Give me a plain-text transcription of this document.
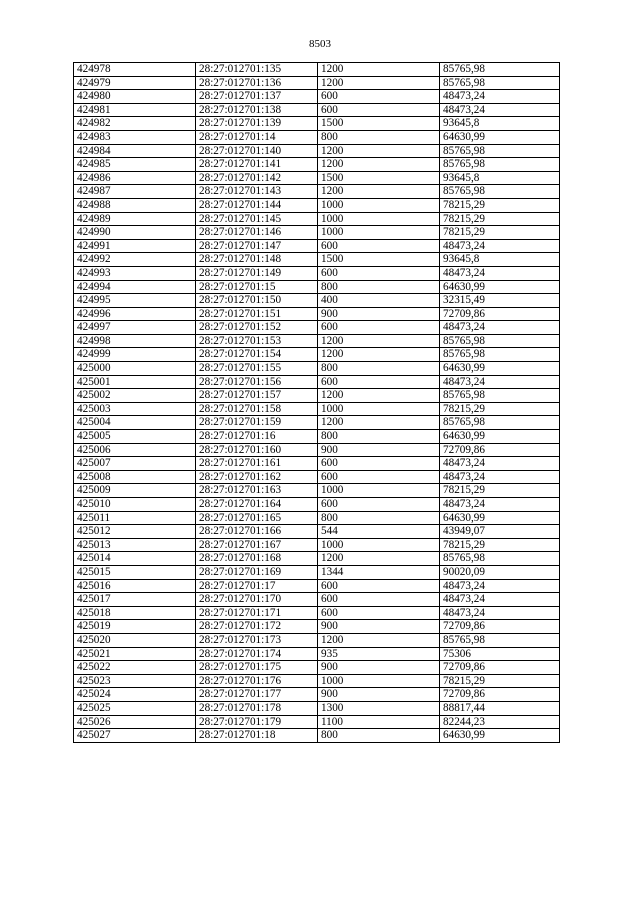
8503
424978	28:27:012701:135	1200	85765,98
424979	28:27:012701:136	1200	85765,98
424980	28:27:012701:137	600	48473,24
424981	28:27:012701:138	600	48473,24
424982	28:27:012701:139	1500	93645,8
424983	28:27:012701:14	800	64630,99
424984	28:27:012701:140	1200	85765,98
424985	28:27:012701:141	1200	85765,98
424986	28:27:012701:142	1500	93645,8
424987	28:27:012701:143	1200	85765,98
424988	28:27:012701:144	1000	78215,29
424989	28:27:012701:145	1000	78215,29
424990	28:27:012701:146	1000	78215,29
424991	28:27:012701:147	600	48473,24
424992	28:27:012701:148	1500	93645,8
424993	28:27:012701:149	600	48473,24
424994	28:27:012701:15	800	64630,99
424995	28:27:012701:150	400	32315,49
424996	28:27:012701:151	900	72709,86
424997	28:27:012701:152	600	48473,24
424998	28:27:012701:153	1200	85765,98
424999	28:27:012701:154	1200	85765,98
425000	28:27:012701:155	800	64630,99
425001	28:27:012701:156	600	48473,24
425002	28:27:012701:157	1200	85765,98
425003	28:27:012701:158	1000	78215,29
425004	28:27:012701:159	1200	85765,98
425005	28:27:012701:16	800	64630,99
425006	28:27:012701:160	900	72709,86
425007	28:27:012701:161	600	48473,24
425008	28:27:012701:162	600	48473,24
425009	28:27:012701:163	1000	78215,29
425010	28:27:012701:164	600	48473,24
425011	28:27:012701:165	800	64630,99
425012	28:27:012701:166	544	43949,07
425013	28:27:012701:167	1000	78215,29
425014	28:27:012701:168	1200	85765,98
425015	28:27:012701:169	1344	90020,09
425016	28:27:012701:17	600	48473,24
425017	28:27:012701:170	600	48473,24
425018	28:27:012701:171	600	48473,24
425019	28:27:012701:172	900	72709,86
425020	28:27:012701:173	1200	85765,98
425021	28:27:012701:174	935	75306
425022	28:27:012701:175	900	72709,86
425023	28:27:012701:176	1000	78215,29
425024	28:27:012701:177	900	72709,86
425025	28:27:012701:178	1300	88817,44
425026	28:27:012701:179	1100	82244,23
425027	28:27:012701:18	800	64630,99
